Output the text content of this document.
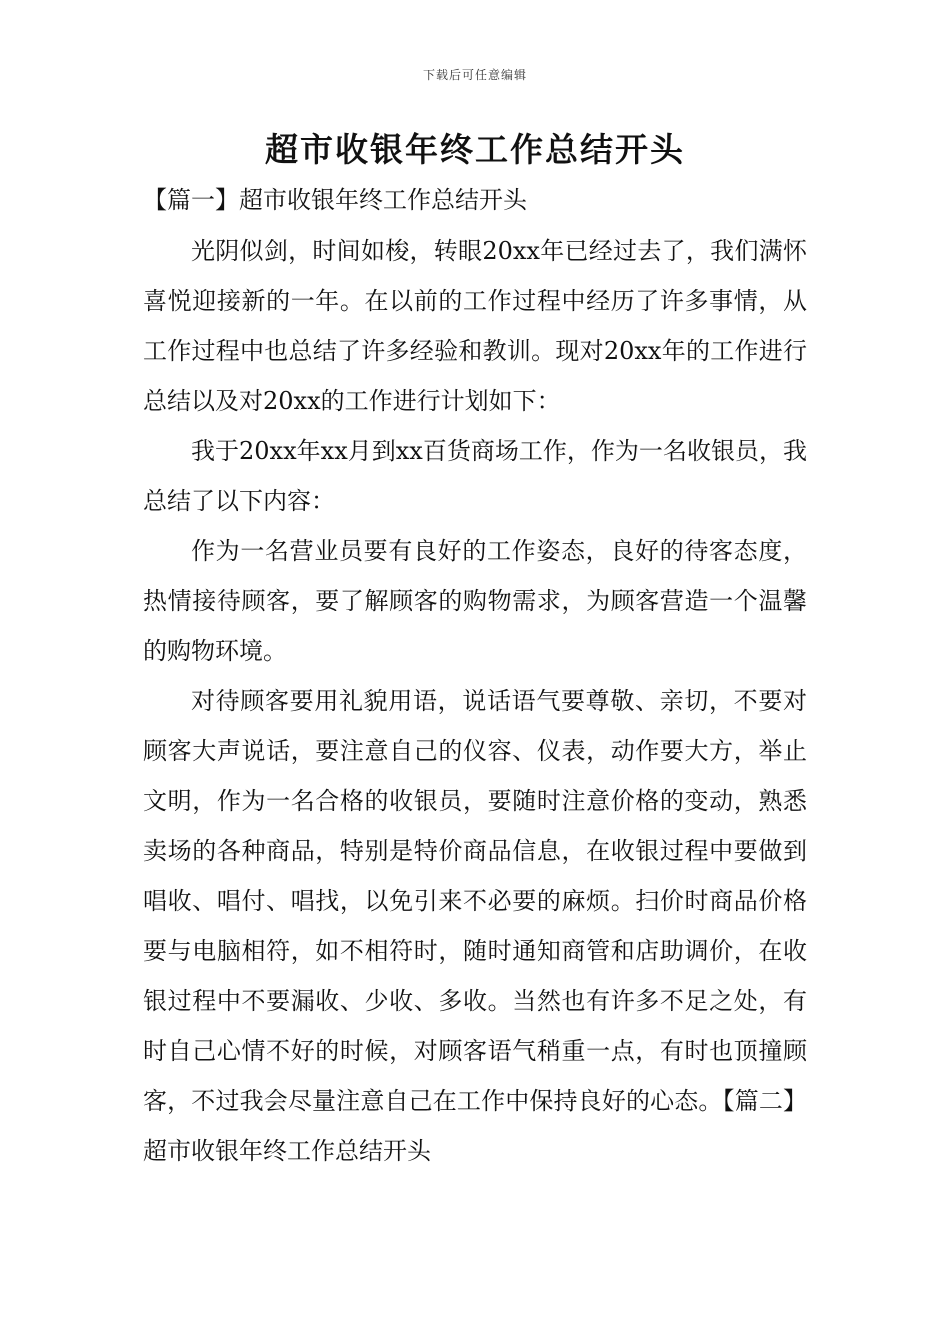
下载后可任意编辑
超市收银年终工作总结开头
【篇一】超市收银年终工作总结开头

光阴似剑，时间如梭，转眼20xx年已经过去了，我们满怀喜悦迎接新的一年。在以前的工作过程中经历了许多事情，从工作过程中也总结了许多经验和教训。现对20xx年的工作进行总结以及对20xx的工作进行计划如下：

我于20xx年xx月到xx百货商场工作，作为一名收银员，我总结了以下内容：

作为一名营业员要有良好的工作姿态，良好的待客态度，热情接待顾客，要了解顾客的购物需求，为顾客营造一个温馨的购物环境。

对待顾客要用礼貌用语，说话语气要尊敬、亲切，不要对顾客大声说话，要注意自己的仪容、仪表，动作要大方，举止文明，作为一名合格的收银员，要随时注意价格的变动，熟悉卖场的各种商品，特别是特价商品信息，在收银过程中要做到唱收、唱付、唱找，以免引来不必要的麻烦。扫价时商品价格要与电脑相符，如不相符时，随时通知商管和店助调价，在收银过程中不要漏收、少收、多收。当然也有许多不足之处，有时自己心情不好的时候，对顾客语气稍重一点，有时也顶撞顾客，不过我会尽量注意自己在工作中保持良好的心态。【篇二】超市收银年终工作总结开头
